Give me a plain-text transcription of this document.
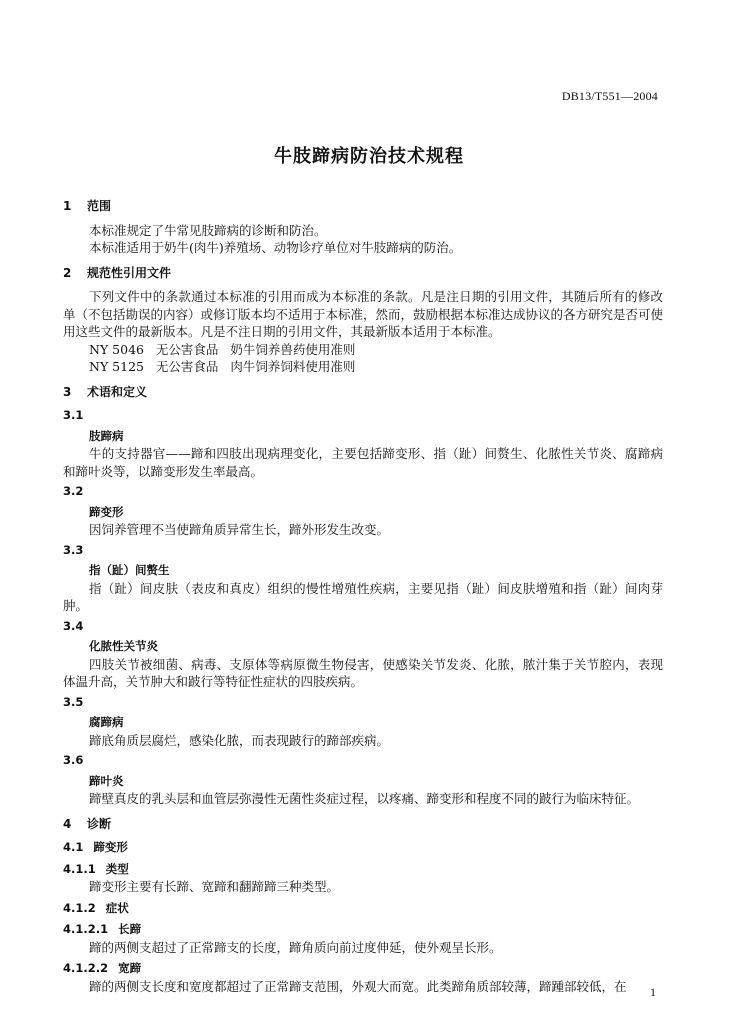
DB13/T551—2004
牛肢蹄病防治技术规程
1 范围
本标准规定了牛常见肢蹄病的诊断和防治。
本标准适用于奶牛(肉牛)养殖场、动物诊疗单位对牛肢蹄病的防治。
2 规范性引用文件
下列文件中的条款通过本标准的引用而成为本标准的条款。凡是注日期的引用文件，其随后所有的修改单（不包括勘误的内容）或修订版本均不适用于本标准，然而，鼓励根据本标准达成协议的各方研究是否可使用这些文件的最新版本。凡是不注日期的引用文件，其最新版本适用于本标准。
NY 5046   无公害食品   奶牛饲养兽药使用准则
NY 5125   无公害食品   肉牛饲养饲料使用准则
3 术语和定义
3.1
肢蹄病
牛的支持器官——蹄和四肢出现病理变化，主要包括蹄变形、指（趾）间赘生、化脓性关节炎、腐蹄病和蹄叶炎等，以蹄变形发生率最高。
3.2
蹄变形
因饲养管理不当使蹄角质异常生长，蹄外形发生改变。
3.3
指（趾）间赘生
指（趾）间皮肤（表皮和真皮）组织的慢性增殖性疾病，主要见指（趾）间皮肤增殖和指（趾）间肉芽肿。
3.4
化脓性关节炎
四肢关节被细菌、病毒、支原体等病原微生物侵害，使感染关节发炎、化脓，脓汁集于关节腔内，表现体温升高，关节肿大和跛行等特征性症状的四肢疾病。
3.5
腐蹄病
蹄底角质层腐烂，感染化脓，而表现跛行的蹄部疾病。
3.6
蹄叶炎
蹄壁真皮的乳头层和血管层弥漫性无菌性炎症过程，以疼痛、蹄变形和程度不同的跛行为临床特征。
4 诊断
4.1 蹄变形
4.1.1 类型
蹄变形主要有长蹄、宽蹄和翻蹄蹄三种类型。
4.1.2 症状
4.1.2.1 长蹄
蹄的两侧支超过了正常蹄支的长度，蹄角质向前过度伸延，使外观呈长形。
4.1.2.2 宽蹄
蹄的两侧支长度和宽度都超过了正常蹄支范围，外观大而宽。此类蹄角质部较薄，蹄踵部较低，在	1
